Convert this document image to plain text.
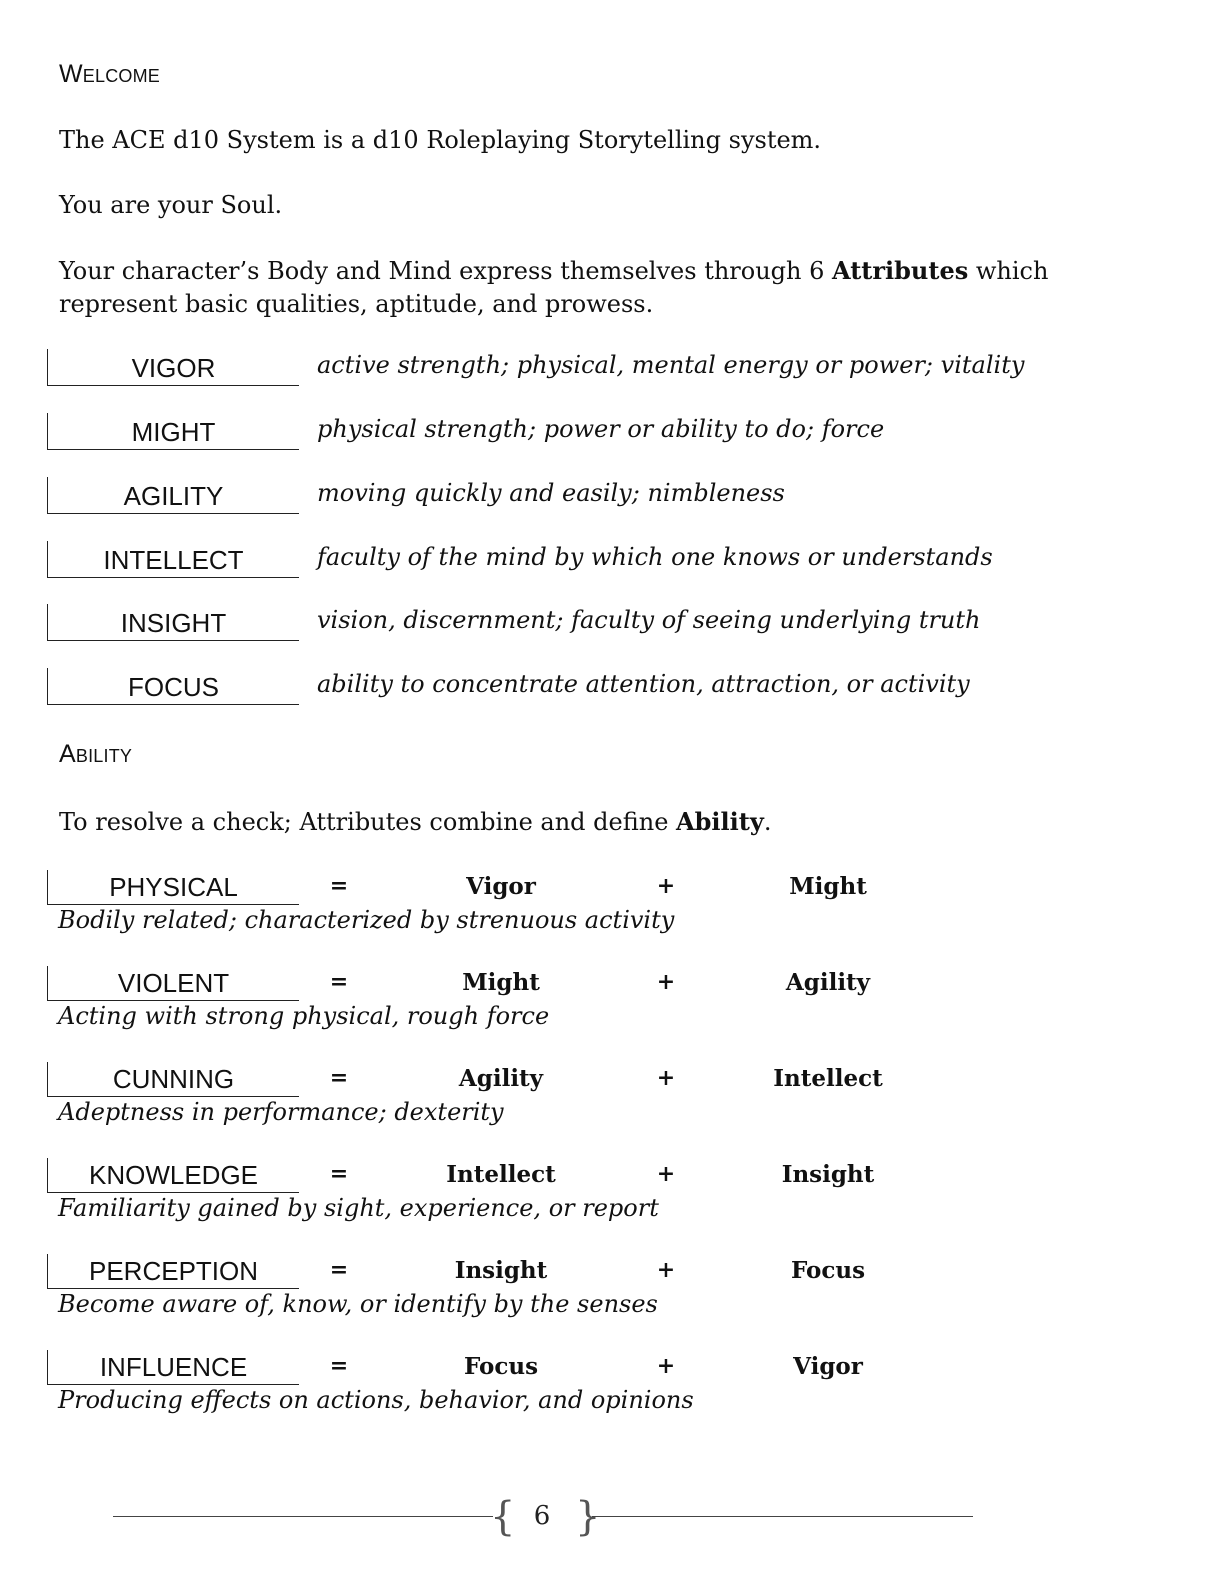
Welcome
The ACE d10 System is a d10 Roleplaying Storytelling system.
You are your Soul.
Your character’s Body and Mind express themselves through 6 Attributes which
represent basic qualities, aptitude, and prowess.
VIGOR	active strength; physical, mental energy or power; vitality
MIGHT	physical strength; power or ability to do; force
AGILITY	moving quickly and easily; nimbleness
INTELLECT	faculty of the mind by which one knows or understands
INSIGHT	vision, discernment; faculty of seeing underlying truth
FOCUS	ability to concentrate attention, attraction, or activity
Ability
To resolve a check; Attributes combine and define Ability.
PHYSICAL	=	Vigor	+	Might
Bodily related; characterized by strenuous activity
VIOLENT	=	Might	+	Agility
Acting with strong physical, rough force
CUNNING	=	Agility	+	Intellect
Adeptness in performance; dexterity
KNOWLEDGE	=	Intellect	+	Insight
Familiarity gained by sight, experience, or report
PERCEPTION	=	Insight	+	Focus
Become aware of, know, or identify by the senses
INFLUENCE	=	Focus	+	Vigor
Producing effects on actions, behavior, and opinions
{ 6 }
